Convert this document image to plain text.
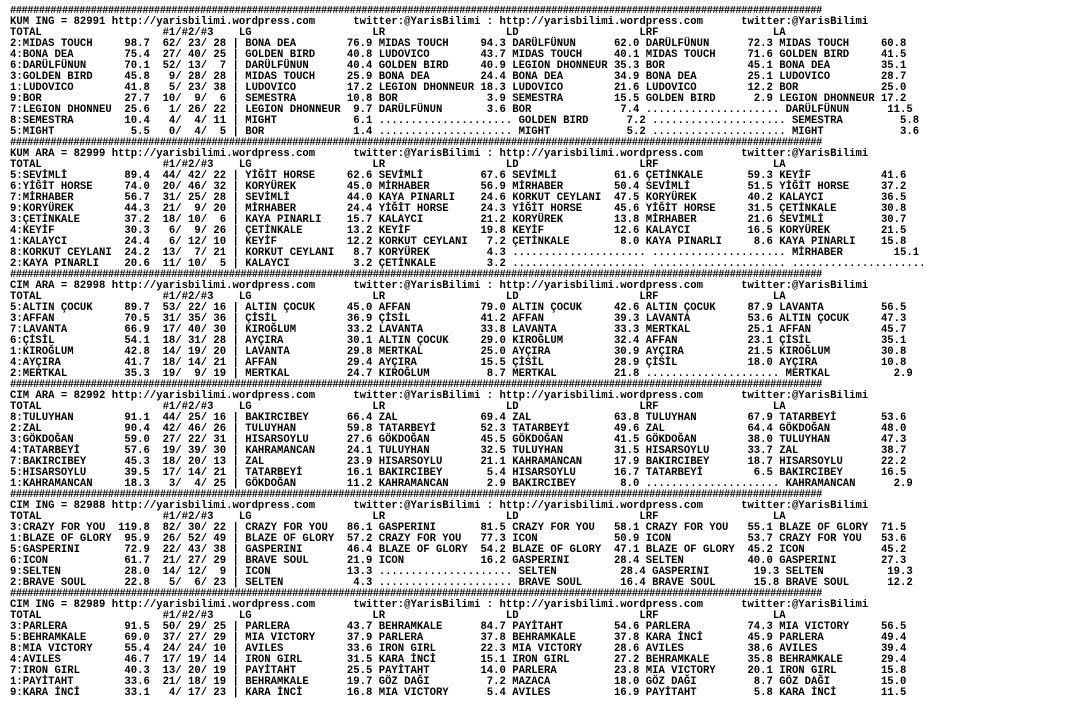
#############################################################################################################################################
KUM ING = 82991 http://yarisbilimi.wordpress.com      twitter:@YarisBilimi : http://yarisbilimi.wordpress.com      twitter:@YarisBilimi
TOTAL                   #1/#2/#3    LG                   LR                   LD                   LRF                  LA
2:MIDAS TOUCH     98.7  62/ 23/ 28 | BONA DEA        76.9 MIDAS TOUCH     94.3 DARÜLFÜNUN      62.0 DARÜLFÜNUN      72.3 MIDAS TOUCH     60.8
4:BONA DEA        75.4  27/ 40/ 25 | GOLDEN BIRD     40.8 LUDOVICO        43.7 MIDAS TOUCH     40.1 MIDAS TOUCH     71.6 GOLDEN BIRD     41.5
6:DARÜLFÜNUN      70.1  52/ 13/  7 | DARÜLFÜNUN      40.4 GOLDEN BIRD     40.9 LEGION DHONNEUR 35.3 BOR             45.1 BONA DEA        35.1
3:GOLDEN BIRD     45.8   9/ 28/ 28 | MIDAS TOUCH     25.9 BONA DEA        24.4 BONA DEA        34.9 BONA DEA        25.1 LUDOVICO        28.7
1:LUDOVICO        41.8   5/ 23/ 38 | LUDOVICO        17.2 LEGION DHONNEUR 18.3 LUDOVICO        21.6 LUDOVICO        12.2 BOR             25.0
9:BOR             27.7  10/  9/  6 | SEMESTRA        10.8 BOR              3.9 SEMESTRA        15.5 GOLDEN BIRD      2.9 LEGION DHONNEUR 17.2
7:LEGION DHONNEU  25.6   1/ 26/ 22 | LEGION DHONNEUR  9.7 DARÜLFÜNUN       3.6 BOR              7.4 ..................... DARÜLFÜNUN      11.5
8:SEMESTRA        10.4   4/  4/ 11 | MIGHT            6.1 ..................... GOLDEN BIRD      7.2 ..................... SEMESTRA         5.8
5:MIGHT            5.5   0/  4/  5 | BOR              1.4 ..................... MIGHT            5.2 ..................... MIGHT            3.6
#############################################################################################################################################
KUM ARA = 82999 http://yarisbilimi.wordpress.com      twitter:@YarisBilimi : http://yarisbilimi.wordpress.com      twitter:@YarisBilimi
TOTAL                   #1/#2/#3    LG                   LR                   LD                   LRF                  LA
5:SEVİMLİ         89.4  44/ 42/ 22 | YİĞİT HORSE     62.6 SEVİMLİ         67.6 SEVİMLİ         61.6 ÇETİNKALE       59.3 KEYİF           41.6
6:YİĞİT HORSE     74.0  20/ 46/ 32 | KORYÜREK        45.0 MİRHABER        56.9 MİRHABER        50.4 SEVİMLİ         51.5 YİĞİT HORSE     37.2
7:MİRHABER        56.7  31/ 25/ 28 | SEVİMLİ         44.0 KAYA PINARLI    24.6 KORKUT CEYLANI  47.5 KORYÜREK        40.2 KALAYCI         36.5
9:KORYÜREK        44.3  21/  9/ 20 | MİRHABER        24.4 YİĞİT HORSE     24.3 YİĞİT HORSE     45.6 YİĞİT HORSE     31.5 ÇETİNKALE       30.8
3:ÇETİNKALE       37.2  18/ 10/  6 | KAYA PINARLI    15.7 KALAYCI         21.2 KORYÜREK        13.8 MİRHABER        21.6 SEVİMLİ         30.7
4:KEYİF           30.3   6/  9/ 26 | ÇETİNKALE       13.2 KEYİF           19.8 KEYİF           12.6 KALAYCI         16.5 KORYÜREK        21.5
1:KALAYCI         24.4   6/ 12/ 10 | KEYİF           12.2 KORKUT CEYLANI   7.2 ÇETİNKALE        8.0 KAYA PINARLI     8.6 KAYA PINARLI    15.8
8:KORKUT CEYLANI  24.2  13/  7/ 21 | KORKUT CEYLANI   8.7 KORYÜREK         4.3 ..................... ..................... MİRHABER        15.1
2:KAYA PINARLI    20.6  11/ 10/  5 | KALAYCI          3.2 ÇETİNKALE        3.2 ..................... ..................... .....................
#############################################################################################################################################
CIM ARA = 82998 http://yarisbilimi.wordpress.com      twitter:@YarisBilimi : http://yarisbilimi.wordpress.com      twitter:@YarisBilimi
TOTAL                   #1/#2/#3    LG                   LR                   LD                   LRF                  LA
5:ALTIN ÇOCUK     89.7  53/ 22/ 16 | ALTIN ÇOCUK     45.0 AFFAN           79.0 ALTIN ÇOCUK     42.6 ALTIN ÇOCUK     87.9 LAVANTA         56.5
3:AFFAN           70.5  31/ 35/ 36 | ÇİSİL           36.9 ÇİSİL           41.2 AFFAN           39.3 LAVANTA         53.6 ALTIN ÇOCUK     47.3
7:LAVANTA         66.9  17/ 40/ 30 | KIROĞLUM        33.2 LAVANTA         33.8 LAVANTA         33.3 MERTKAL         25.1 AFFAN           45.7
6:ÇİSİL           54.1  18/ 31/ 28 | AYÇIRA          30.1 ALTIN ÇOCUK     29.0 KIROĞLUM        32.4 AFFAN           23.1 ÇİSİL           35.1
1:KIROĞLUM        42.8  14/ 19/ 20 | LAVANTA         29.8 MERTKAL         25.0 AYÇIRA          30.9 AYÇIRA          21.5 KIROĞLUM        30.8
4:AYÇIRA          41.7  18/ 14/ 21 | AFFAN           29.4 AYÇIRA          15.5 ÇİSİL           28.9 ÇİSİL           18.0 AYÇIRA          10.8
2:MERTKAL         35.3  19/  9/ 19 | MERTKAL         24.7 KIROĞLUM         8.7 MERTKAL         21.8 ..................... MERTKAL          2.9
#############################################################################################################################################
CIM ARA = 82992 http://yarisbilimi.wordpress.com      twitter:@YarisBilimi : http://yarisbilimi.wordpress.com      twitter:@YarisBilimi
TOTAL                   #1/#2/#3    LG                   LR                   LD                   LRF                  LA
8:TULUYHAN        91.1  44/ 25/ 16 | BAKIRCIBEY      66.4 ZAL             69.4 ZAL             63.8 TULUYHAN        67.9 TATARBEYİ       53.6
2:ZAL             90.4  42/ 46/ 26 | TULUYHAN        59.8 TATARBEYİ       52.3 TATARBEYİ       49.6 ZAL             64.4 GÖKDOĞAN        48.0
3:GÖKDOĞAN        59.0  27/ 22/ 31 | HISARSOYLU      27.6 GÖKDOĞAN        45.5 GÖKDOĞAN        41.5 GÖKDOĞAN        38.0 TULUYHAN        47.3
4:TATARBEYİ       57.6  19/ 39/ 30 | KAHRAMANCAN     24.1 TULUYHAN        32.5 TULUYHAN        31.5 HISARSOYLU      33.7 ZAL             38.7
7:BAKIRCIBEY      45.3  18/ 20/ 13 | ZAL             23.9 HISARSOYLU      21.1 KAHRAMANCAN     17.9 BAKIRCIBEY      18.7 HISARSOYLU      22.2
5:HISARSOYLU      39.5  17/ 14/ 21 | TATARBEYİ       16.1 BAKIRCIBEY       5.4 HISARSOYLU      16.7 TATARBEYİ        6.5 BAKIRCIBEY      16.5
1:KAHRAMANCAN     18.3   3/  4/ 25 | GÖKDOĞAN        11.2 KAHRAMANCAN      2.9 BAKIRCIBEY       8.0 ..................... KAHRAMANCAN      2.9
#############################################################################################################################################
CIM ING = 82988 http://yarisbilimi.wordpress.com      twitter:@YarisBilimi : http://yarisbilimi.wordpress.com      twitter:@YarisBilimi
TOTAL                   #1/#2/#3    LG                   LR                   LD                   LRF                  LA
3:CRAZY FOR YOU  119.8  82/ 30/ 22 | CRAZY FOR YOU   86.1 GASPERINI       81.5 CRAZY FOR YOU   58.1 CRAZY FOR YOU   55.1 BLAZE OF GLORY  71.5
1:BLAZE OF GLORY  95.9  26/ 52/ 49 | BLAZE OF GLORY  57.2 CRAZY FOR YOU   77.3 ICON            50.9 ICON            53.7 CRAZY FOR YOU   53.6
5:GASPERINI       72.9  22/ 43/ 38 | GASPERINI       46.4 BLAZE OF GLORY  54.2 BLAZE OF GLORY  47.1 BLAZE OF GLORY  45.2 ICON            45.2
6:ICON            61.7  21/ 27/ 29 | BRAVE SOUL      21.9 ICON            16.2 GASPERINI       28.4 SELTEN          40.0 GASPERINI       27.3
9:SELTEN          28.0  14/ 12/  9 | ICON            13.3 ..................... SELTEN          28.4 GASPERINI       19.3 SELTEN          19.3
2:BRAVE SOUL      22.8   5/  6/ 23 | SELTEN           4.3 ..................... BRAVE SOUL      16.4 BRAVE SOUL      15.8 BRAVE SOUL      12.2
#############################################################################################################################################
CIM ING = 82989 http://yarisbilimi.wordpress.com      twitter:@YarisBilimi : http://yarisbilimi.wordpress.com      twitter:@YarisBilimi
TOTAL                   #1/#2/#3    LG                   LR                   LD                   LRF                  LA
3:PARLERA         91.5  50/ 29/ 25 | PARLERA         43.7 BEHRAMKALE      84.7 PAYİTAHT        54.6 PARLERA         74.3 MIA VICTORY     56.5
5:BEHRAMKALE      69.0  37/ 27/ 29 | MIA VICTORY     37.9 PARLERA         37.8 BEHRAMKALE      37.8 KARA İNCİ       45.9 PARLERA         49.4
8:MIA VICTORY     55.4  24/ 24/ 10 | AVILES          33.6 IRON GIRL       22.3 MIA VICTORY     28.6 AVILES          38.6 AVILES          39.4
4:AVILES          46.7  17/ 19/ 14 | IRON GIRL       31.5 KARA İNCİ       15.1 IRON GIRL       27.2 BEHRAMKALE      35.8 BEHRAMKALE      29.4
7:IRON GIRL       40.3  13/ 20/ 19 | PAYİTAHT        25.5 PAYİTAHT        14.0 PARLERA         23.8 MIA VICTORY     20.1 IRON GIRL       15.8
1:PAYİTAHT        33.6  21/ 18/ 19 | BEHRAMKALE      19.7 GÖZ DAĞI         7.2 MAZACA          18.0 GÖZ DAĞI         8.7 GÖZ DAĞI        15.0
9:KARA İNCİ       33.1   4/ 17/ 23 | KARA İNCİ       16.8 MIA VICTORY      5.4 AVILES          16.9 PAYİTAHT         5.8 KARA İNCİ       11.5
